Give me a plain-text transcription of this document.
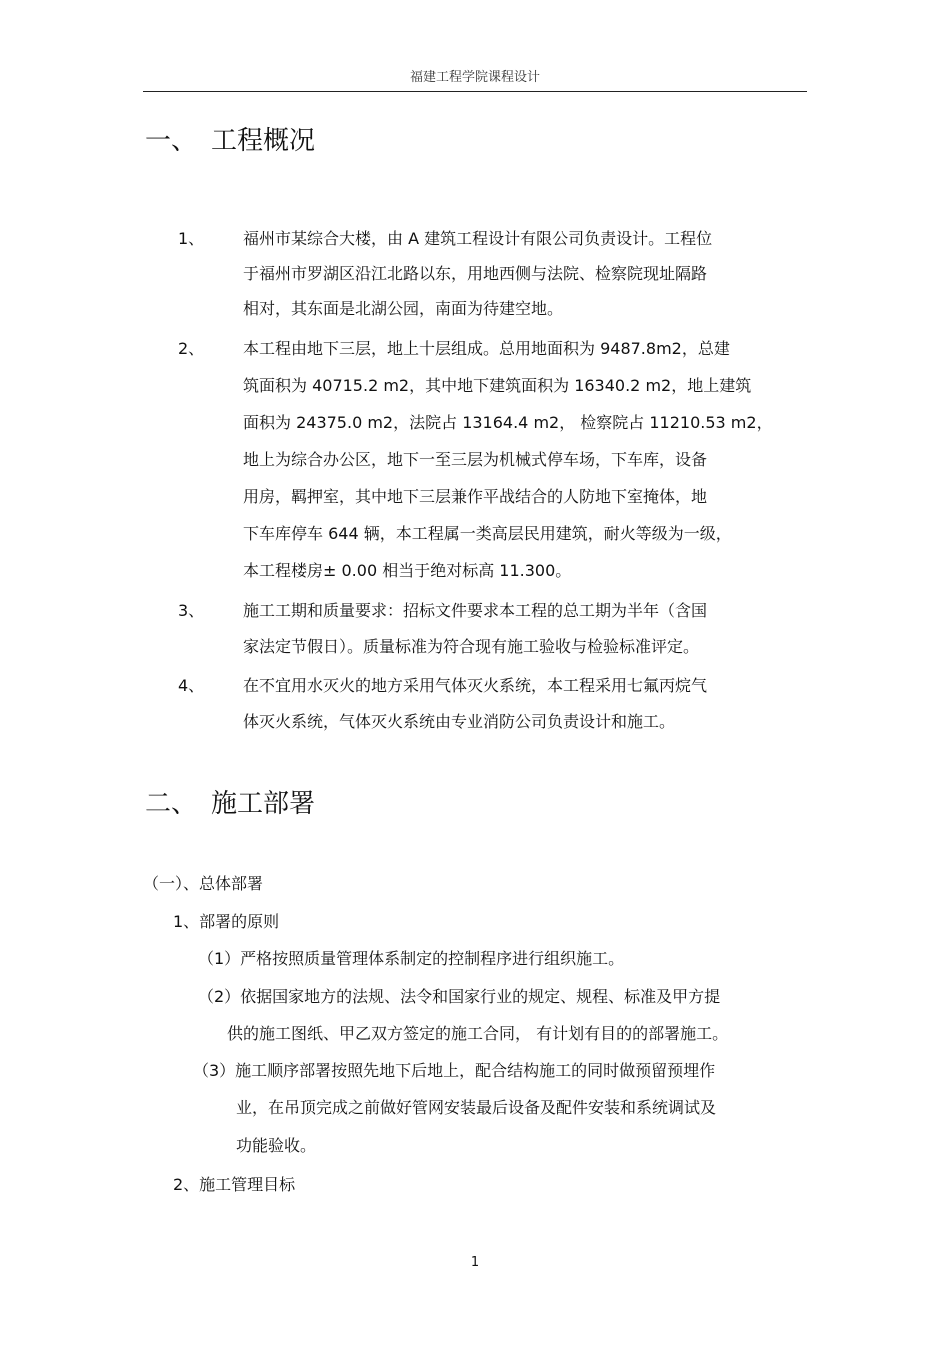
福建工程学院课程设计
一、 工程概况
1、 福州市某综合大楼，由 A 建筑工程设计有限公司负责设计。工程位
于福州市罗湖区沿江北路以东，用地西侧与法院、检察院现址隔路
相对，其东面是北湖公园，南面为待建空地。
2、 本工程由地下三层，地上十层组成。总用地面积为 9487.8m2，总建
筑面积为 40715.2 m2，其中地下建筑面积为 16340.2 m2，地上建筑
面积为 24375.0 m2，法院占 13164.4 m2， 检察院占 11210.53 m2，
地上为综合办公区，地下一至三层为机械式停车场，下车库，设备
用房，羁押室，其中地下三层兼作平战结合的人防地下室掩体，地
下车库停车 644 辆，本工程属一类高层民用建筑，耐火等级为一级，
本工程楼房± 0.00 相当于绝对标高 11.300。
3、 施工工期和质量要求：招标文件要求本工程的总工期为半年（含国
家法定节假日）。质量标准为符合现有施工验收与检验标准评定。
4、 在不宜用水灭火的地方采用气体灭火系统，本工程采用七氟丙烷气
体灭火系统，气体灭火系统由专业消防公司负责设计和施工。
二、 施工部署
（一）、总体部署
1、部署的原则
（1）严格按照质量管理体系制定的控制程序进行组织施工。
（2）依据国家地方的法规、法令和国家行业的规定、规程、标准及甲方提
供的施工图纸、甲乙双方签定的施工合同， 有计划有目的的部署施工。
（3）施工顺序部署按照先地下后地上，配合结构施工的同时做预留预埋作
业，在吊顶完成之前做好管网安装最后设备及配件安装和系统调试及
功能验收。
2、施工管理目标
1
